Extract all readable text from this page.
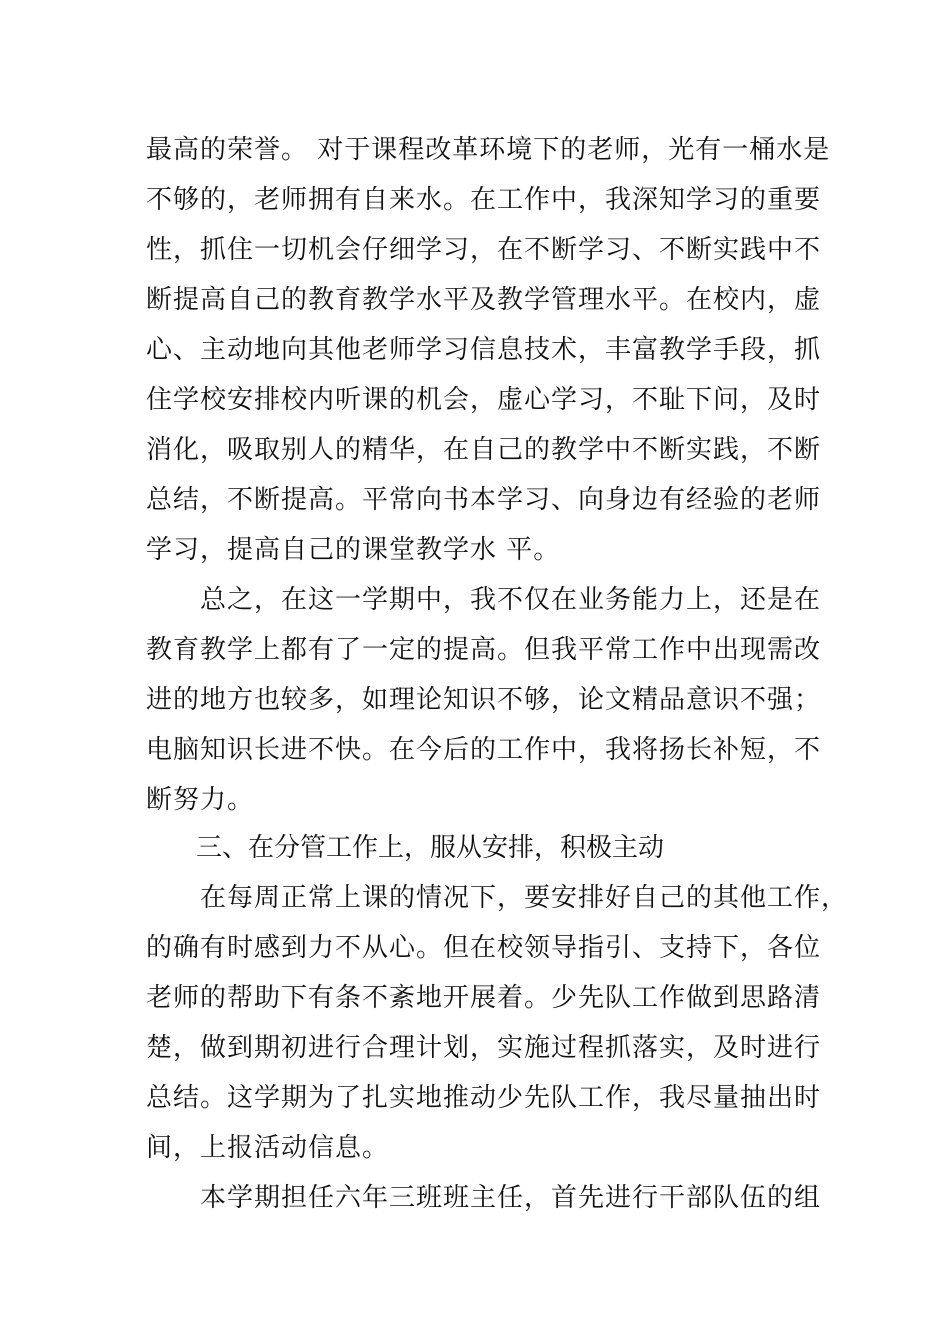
最高的荣誉。 对于课程改革环境下的老师，光有一桶水是
不够的，老师拥有自来水。在工作中，我深知学习的重要
性，抓住一切机会仔细学习，在不断学习、不断实践中不
断提高自己的教育教学水平及教学管理水平。在校内，虚
心、主动地向其他老师学习信息技术，丰富教学手段，抓
住学校安排校内听课的机会，虚心学习，不耻下问，及时
消化，吸取别人的精华，在自己的教学中不断实践，不断
总结，不断提高。平常向书本学习、向身边有经验的老师
学习，提高自己的课堂教学水 平。
总之，在这一学期中，我不仅在业务能力上，还是在
教育教学上都有了一定的提高。但我平常工作中出现需改
进的地方也较多，如理论知识不够，论文精品意识不强；
电脑知识长进不快。在今后的工作中，我将扬长补短，不
断努力。
三、在分管工作上，服从安排，积极主动
在每周正常上课的情况下，要安排好自己的其他工作，
的确有时感到力不从心。但在校领导指引、支持下，各位
老师的帮助下有条不紊地开展着。少先队工作做到思路清
楚，做到期初进行合理计划，实施过程抓落实，及时进行
总结。这学期为了扎实地推动少先队工作，我尽量抽出时
间，上报活动信息。
本学期担任六年三班班主任，首先进行干部队伍的组
